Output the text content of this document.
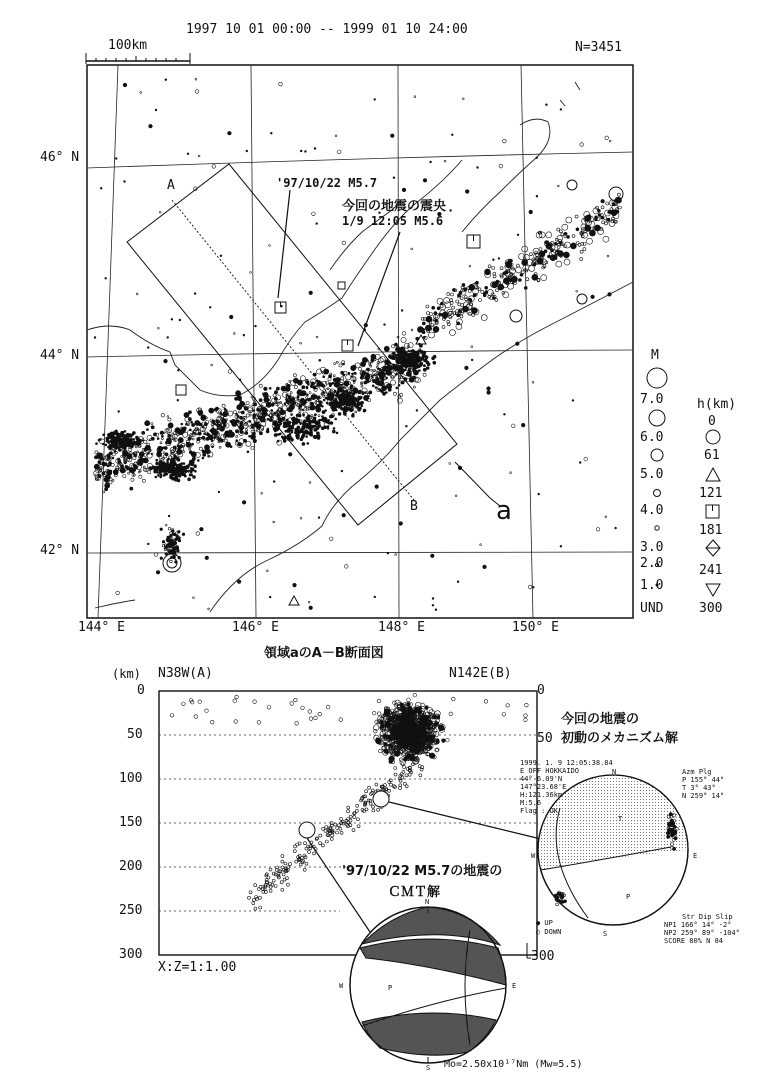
1997 10 01 00:00 -- 1999 01 10 24:00
N=3451
100km
46° N
44° N
42° N
144° E	146° E	148° E	150° E
A
B	a
'97/10/22 M5.7
今回の地震の震央
1/9 12:05 M5.6
M
7.0
6.0
5.0
4.0
3.0
2.0
1.0
UND
h(km)
0
61
121
181
241
300
領域aのA－B断面図
(km) N38W(A)	N142E(B)
0
50
100
150
200
250
300
0
50
X:Z=1:1.00
300
今回の地震の
初動のメカニズム解
1999. 1. 9 12:05:38.84
E OFF HOKKAIDO
44° 6.09'N
147°23.68'E
H:121.36km
M:5.6
Flag : OK
Azm Plg
P 155° 44°
T 3° 43°
N 259° 14°
N
W	E
S
T
P
● UP
○ DOWN
Str Dip Slip
NP1 166° 14° -2°
NP2 259° 89° -104°
SCORE 80% N 84
'97/10/22 M5.7の地震の
ＣＭＴ解
N
W	E
S
P
Mo=2.50x10¹⁷Nm (Mw=5.5)
